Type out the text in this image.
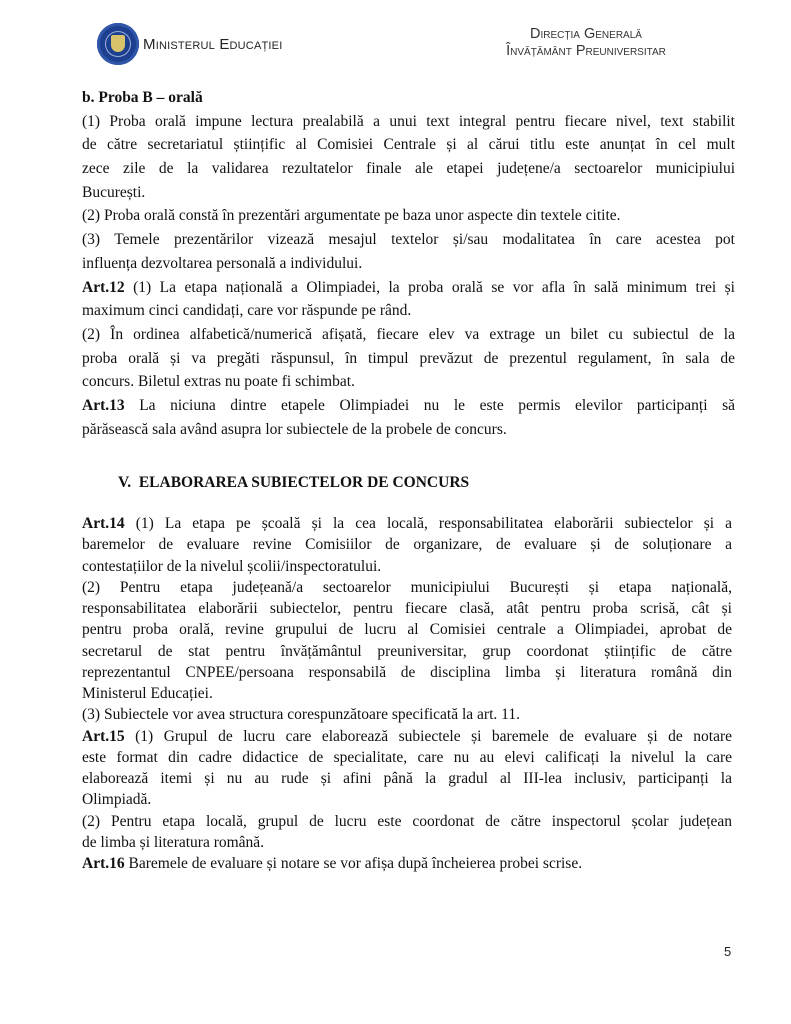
Ministerul Educației
Direcția Generală
Învățământ Preuniversitar
b. Proba B – orală
(1) Proba orală impune lectura prealabilă a unui text integral pentru fiecare nivel, text stabilit
de către secretariatul științific al Comisiei Centrale și al cărui titlu este anunțat în cel mult
zece zile de la validarea rezultatelor finale ale etapei județene/a sectoarelor municipiului
București.
(2) Proba orală constă în prezentări argumentate pe baza unor aspecte din textele citite.
(3) Temele prezentărilor vizează mesajul textelor și/sau modalitatea în care acestea pot
influența dezvoltarea personală a individului.
Art.12 (1) La etapa națională a Olimpiadei, la proba orală se vor afla în sală minimum trei și
maximum cinci candidați, care vor răspunde pe rând.
(2) În ordinea alfabetică/numerică afișată, fiecare elev va extrage un bilet cu subiectul de la
proba orală și va pregăti răspunsul, în timpul prevăzut de prezentul regulament, în sala de
concurs. Biletul extras nu poate fi schimbat.
Art.13 La niciuna dintre etapele Olimpiadei nu le este permis elevilor participanți să
părăsească sala având asupra lor subiectele de la probele de concurs.
V.  ELABORAREA SUBIECTELOR DE CONCURS
Art.14 (1) La etapa pe școală și la cea locală, responsabilitatea elaborării subiectelor și a
baremelor de evaluare revine Comisiilor de organizare, de evaluare și de soluționare a
contestațiilor de la nivelul școlii/inspectoratului.
(2) Pentru etapa județeană/a sectoarelor municipiului București și etapa națională,
responsabilitatea elaborării subiectelor, pentru fiecare clasă, atât pentru proba scrisă, cât și
pentru proba orală, revine grupului de lucru al Comisiei centrale a Olimpiadei, aprobat de
secretarul de stat pentru învățământul preuniversitar, grup coordonat științific de către
reprezentantul CNPEE/persoana responsabilă de disciplina limba și literatura română din
Ministerul Educației.
(3) Subiectele vor avea structura corespunzătoare specificată la art. 11.
Art.15 (1) Grupul de lucru care elaborează subiectele și baremele de evaluare și de notare
este format din cadre didactice de specialitate, care nu au elevi calificați la nivelul la care
elaborează itemi și nu au rude și afini până la gradul al III-lea inclusiv, participanți la
Olimpiadă.
(2) Pentru etapa locală, grupul de lucru este coordonat de către inspectorul școlar județean
de limba și literatura română.
Art.16 Baremele de evaluare și notare se vor afișa după încheierea probei scrise.
5
